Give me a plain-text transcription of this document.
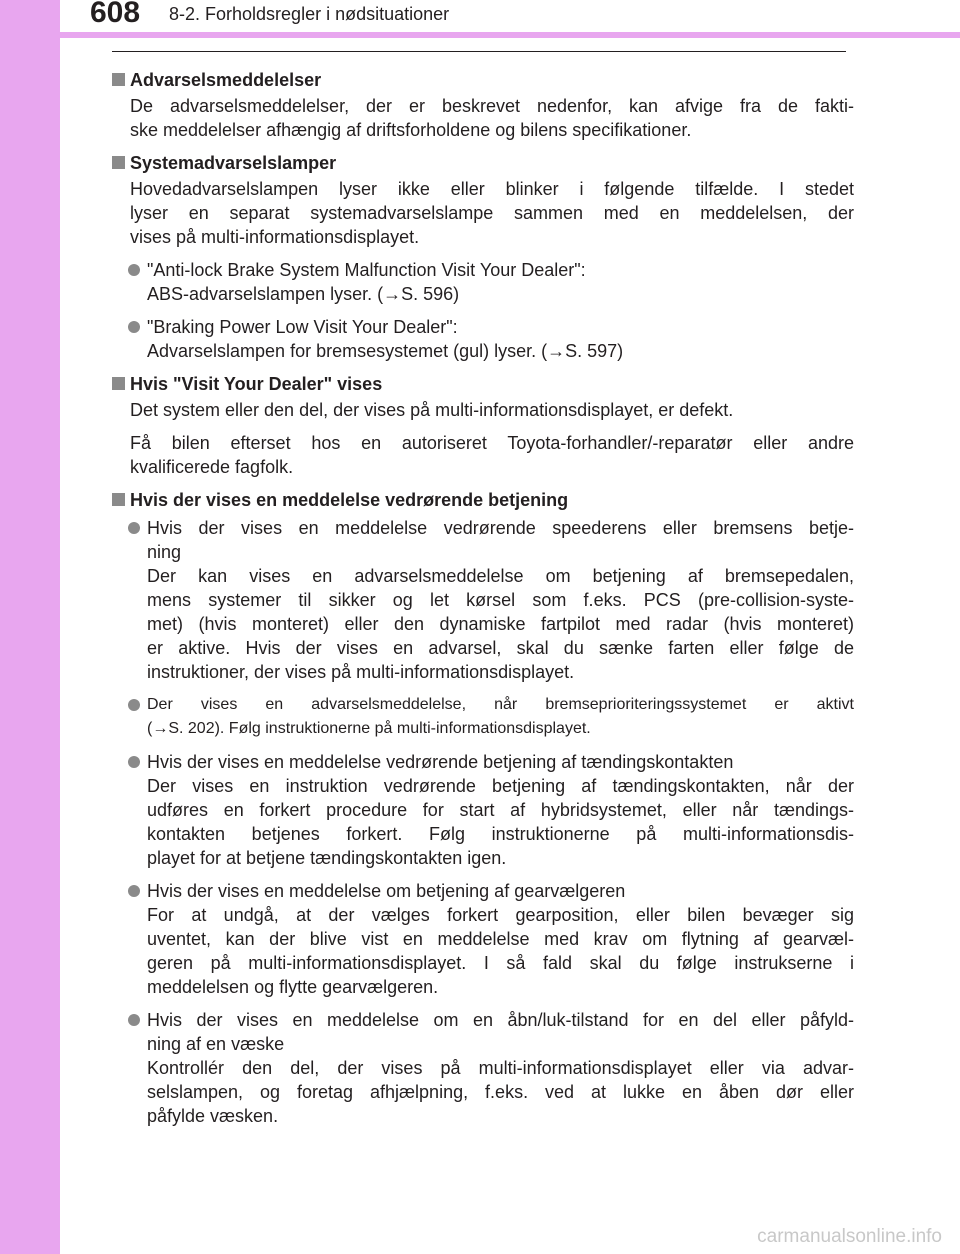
608 8-2. Forholdsregler i nødsituationer
Advarselsmeddelelser
De advarselsmeddelelser, der er beskrevet nedenfor, kan afvige fra de fakti-
ske meddelelser afhængig af driftsforholdene og bilens specifikationer.
Systemadvarselslamper
Hovedadvarselslampen lyser ikke eller blinker i følgende tilfælde. I stedet
lyser en separat systemadvarselslampe sammen med en meddelelsen, der
vises på multi-informationsdisplayet.
"Anti-lock Brake System Malfunction Visit Your Dealer":
ABS-advarselslampen lyser. (→S. 596)
"Braking Power Low Visit Your Dealer":
Advarselslampen for bremsesystemet (gul) lyser. (→S. 597)
Hvis "Visit Your Dealer" vises
Det system eller den del, der vises på multi-informationsdisplayet, er defekt.
Få bilen efterset hos en autoriseret Toyota-forhandler/-reparatør eller andre
kvalificerede fagfolk.
Hvis der vises en meddelelse vedrørende betjening
Hvis der vises en meddelelse vedrørende speederens eller bremsens betje-
ning
Der kan vises en advarselsmeddelelse om betjening af bremsepedalen,
mens systemer til sikker og let kørsel som f.eks. PCS (pre-collision-syste-
met) (hvis monteret) eller den dynamiske fartpilot med radar (hvis monteret)
er aktive. Hvis der vises en advarsel, skal du sænke farten eller følge de
instruktioner, der vises på multi-informationsdisplayet.
Der vises en advarselsmeddelelse, når bremseprioriteringssystemet er aktivt
(→S. 202). Følg instruktionerne på multi-informationsdisplayet.
Hvis der vises en meddelelse vedrørende betjening af tændingskontakten
Der vises en instruktion vedrørende betjening af tændingskontakten, når der
udføres en forkert procedure for start af hybridsystemet, eller når tændings-
kontakten betjenes forkert. Følg instruktionerne på multi-informationsdis-
playet for at betjene tændingskontakten igen.
Hvis der vises en meddelelse om betjening af gearvælgeren
For at undgå, at der vælges forkert gearposition, eller bilen bevæger sig
uventet, kan der blive vist en meddelelse med krav om flytning af gearvæl-
geren på multi-informationsdisplayet. I så fald skal du følge instrukserne i
meddelelsen og flytte gearvælgeren.
Hvis der vises en meddelelse om en åbn/luk-tilstand for en del eller påfyld-
ning af en væske
Kontrollér den del, der vises på multi-informationsdisplayet eller via advar-
selslampen, og foretag afhjælpning, f.eks. ved at lukke en åben dør eller
påfylde væsken.
carmanualsonline.info
